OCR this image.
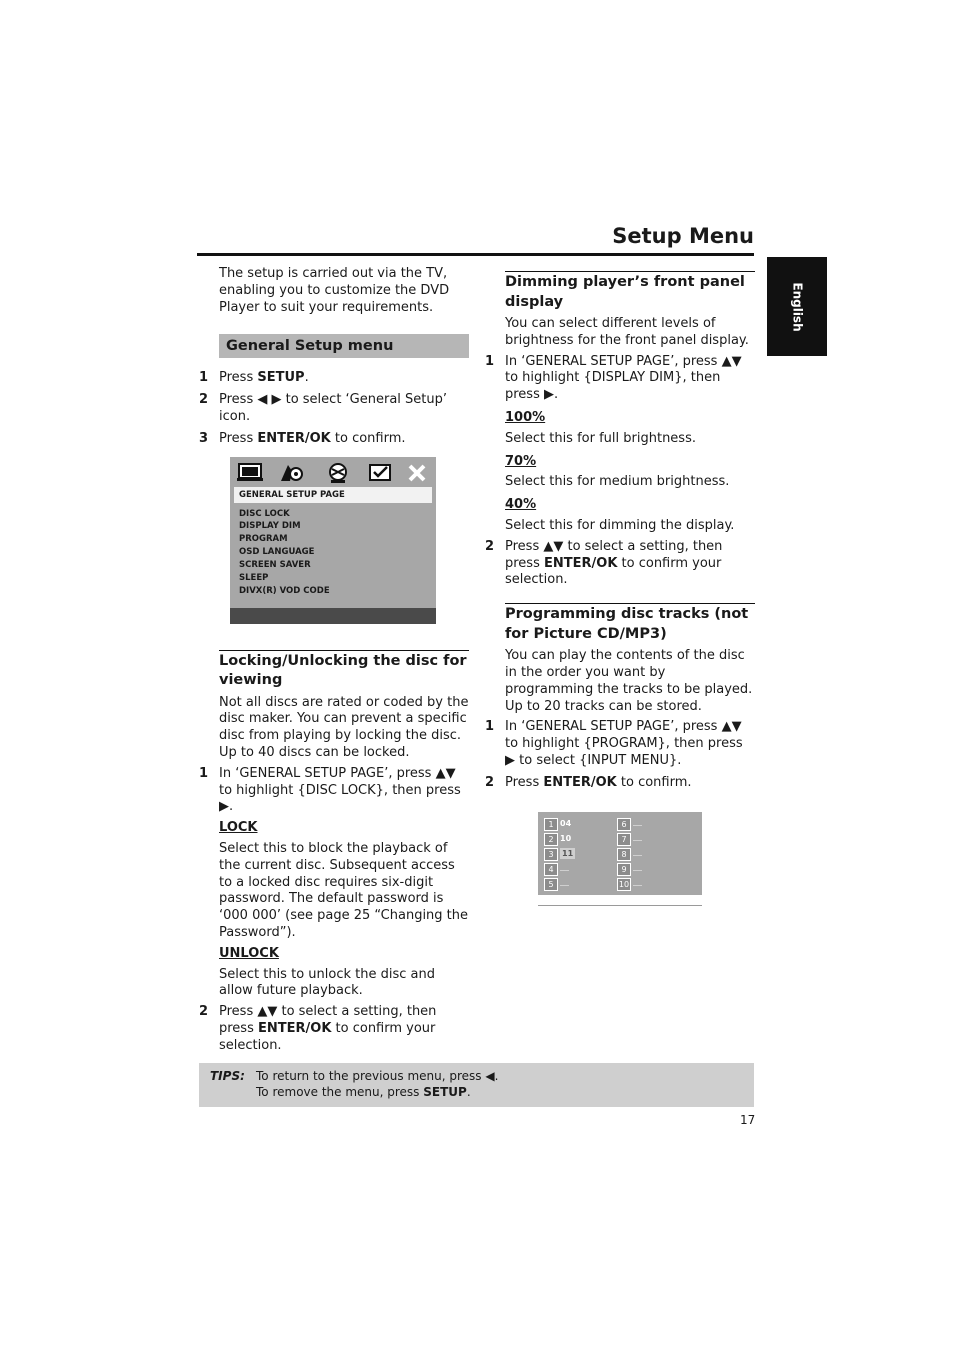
Setup Menu
English

The setup is carried out via the TV, enabling you to customize the DVD Player to suit your requirements.

General Setup menu
1 Press SETUP.
2 Press ◀ ▶ to select ‘General Setup’ icon.
3 Press ENTER/OK to confirm.
GENERAL SETUP PAGE
DISC LOCK
DISPLAY DIM
PROGRAM
OSD LANGUAGE
SCREEN SAVER
SLEEP
DIVX(R) VOD CODE
Locking/Unlocking the disc for viewing

Not all discs are rated or coded by the disc maker. You can prevent a specific disc from playing by locking the disc. Up to 40 discs can be locked.

1 In ‘GENERAL SETUP PAGE’, press ▲▼ to highlight {DISC LOCK}, then press ▶.

LOCK

Select this to block the playback of the current disc. Subsequent access to a locked disc requires six-digit password. The default password is ‘000 000’ (see page 25 “Changing the Password”).

UNLOCK

Select this to unlock the disc and allow future playback.

2 Press ▲▼ to select a setting, then press ENTER/OK to confirm your selection.
Dimming player’s front panel display

You can select different levels of brightness for the front panel display.

1 In ‘GENERAL SETUP PAGE’, press ▲▼ to highlight {DISPLAY DIM}, then press ▶.

100%

Select this for full brightness.

70%

Select this for medium brightness.

40%

Select this for dimming the display.

2 Press ▲▼ to select a setting, then press ENTER/OK to confirm your selection.
Programming disc tracks (not for Picture CD/MP3)

You can play the contents of the disc in the order you want by programming the tracks to be played. Up to 20 tracks can be stored.

1 In ‘GENERAL SETUP PAGE’, press ▲▼ to highlight {PROGRAM}, then press ▶ to select {INPUT MENU}.
2 Press ENTER/OK to confirm.
1 04
2 10
3	11
4
5
6
7
8
9
10
TIPS: To return to the previous menu, press ◀.
To remove the menu, press SETUP.
17
